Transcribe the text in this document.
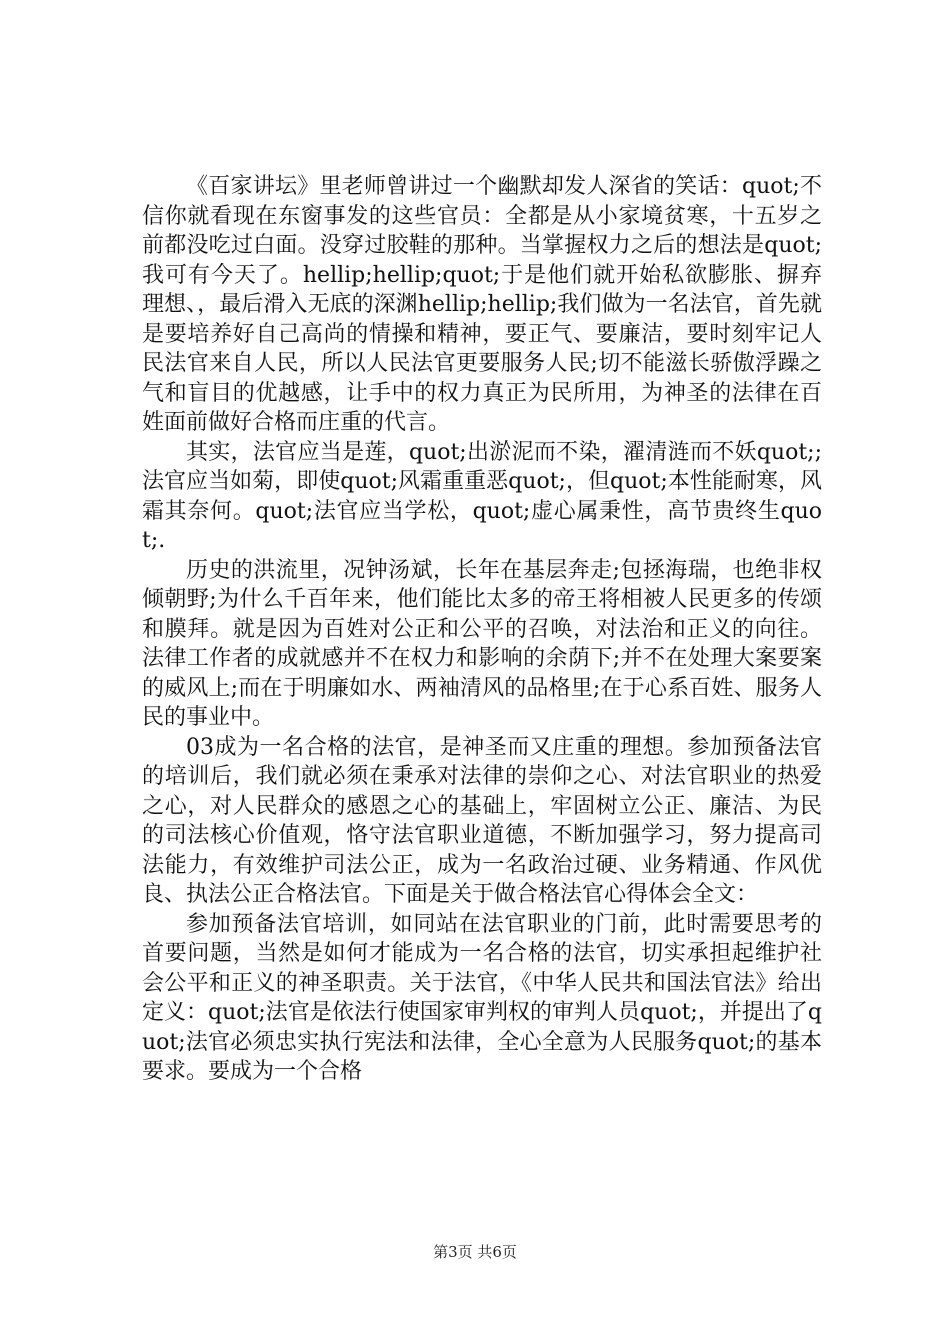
《百家讲坛》里老师曾讲过一个幽默却发人深省的笑话：quot;不信你就看现在东窗事发的这些官员：全都是从小家境贫寒，十五岁之前都没吃过白面。没穿过胶鞋的那种。当掌握权力之后的想法是quot;我可有今天了。hellip;hellip;quot;于是他们就开始私欲膨胀、摒弃理想、，最后滑入无底的深渊hellip;hellip;我们做为一名法官，首先就是要培养好自己高尚的情操和精神，要正气、要廉洁，要时刻牢记人民法官来自人民，所以人民法官更要服务人民;切不能滋长骄傲浮躁之气和盲目的优越感，让手中的权力真正为民所用，为神圣的法律在百姓面前做好合格而庄重的代言。

其实，法官应当是莲，quot;出淤泥而不染，濯清涟而不妖quot;;法官应当如菊，即使quot;风霜重重恶quot;，但quot;本性能耐寒，风霜其奈何。quot;法官应当学松，quot;虚心属秉性，高节贵终生quot;.

历史的洪流里，况钟汤斌，长年在基层奔走;包拯海瑞，也绝非权倾朝野;为什么千百年来，他们能比太多的帝王将相被人民更多的传颂和膜拜。就是因为百姓对公正和公平的召唤，对法治和正义的向往。法律工作者的成就感并不在权力和影响的余荫下;并不在处理大案要案的威风上;而在于明廉如水、两袖清风的品格里;在于心系百姓、服务人民的事业中。

03成为一名合格的法官，是神圣而又庄重的理想。参加预备法官的培训后，我们就必须在秉承对法律的崇仰之心、对法官职业的热爱之心，对人民群众的感恩之心的基础上，牢固树立公正、廉洁、为民的司法核心价值观，恪守法官职业道德，不断加强学习，努力提高司法能力，有效维护司法公正，成为一名政治过硬、业务精通、作风优良、执法公正合格法官。下面是关于做合格法官心得体会全文：

参加预备法官培训，如同站在法官职业的门前，此时需要思考的首要问题，当然是如何才能成为一名合格的法官，切实承担起维护社会公平和正义的神圣职责。关于法官，《中华人民共和国法官法》给出定义：quot;法官是依法行使国家审判权的审判人员quot;，并提出了quot;法官必须忠实执行宪法和法律，全心全意为人民服务quot;的基本要求。要成为一个合格

第3页 共6页
